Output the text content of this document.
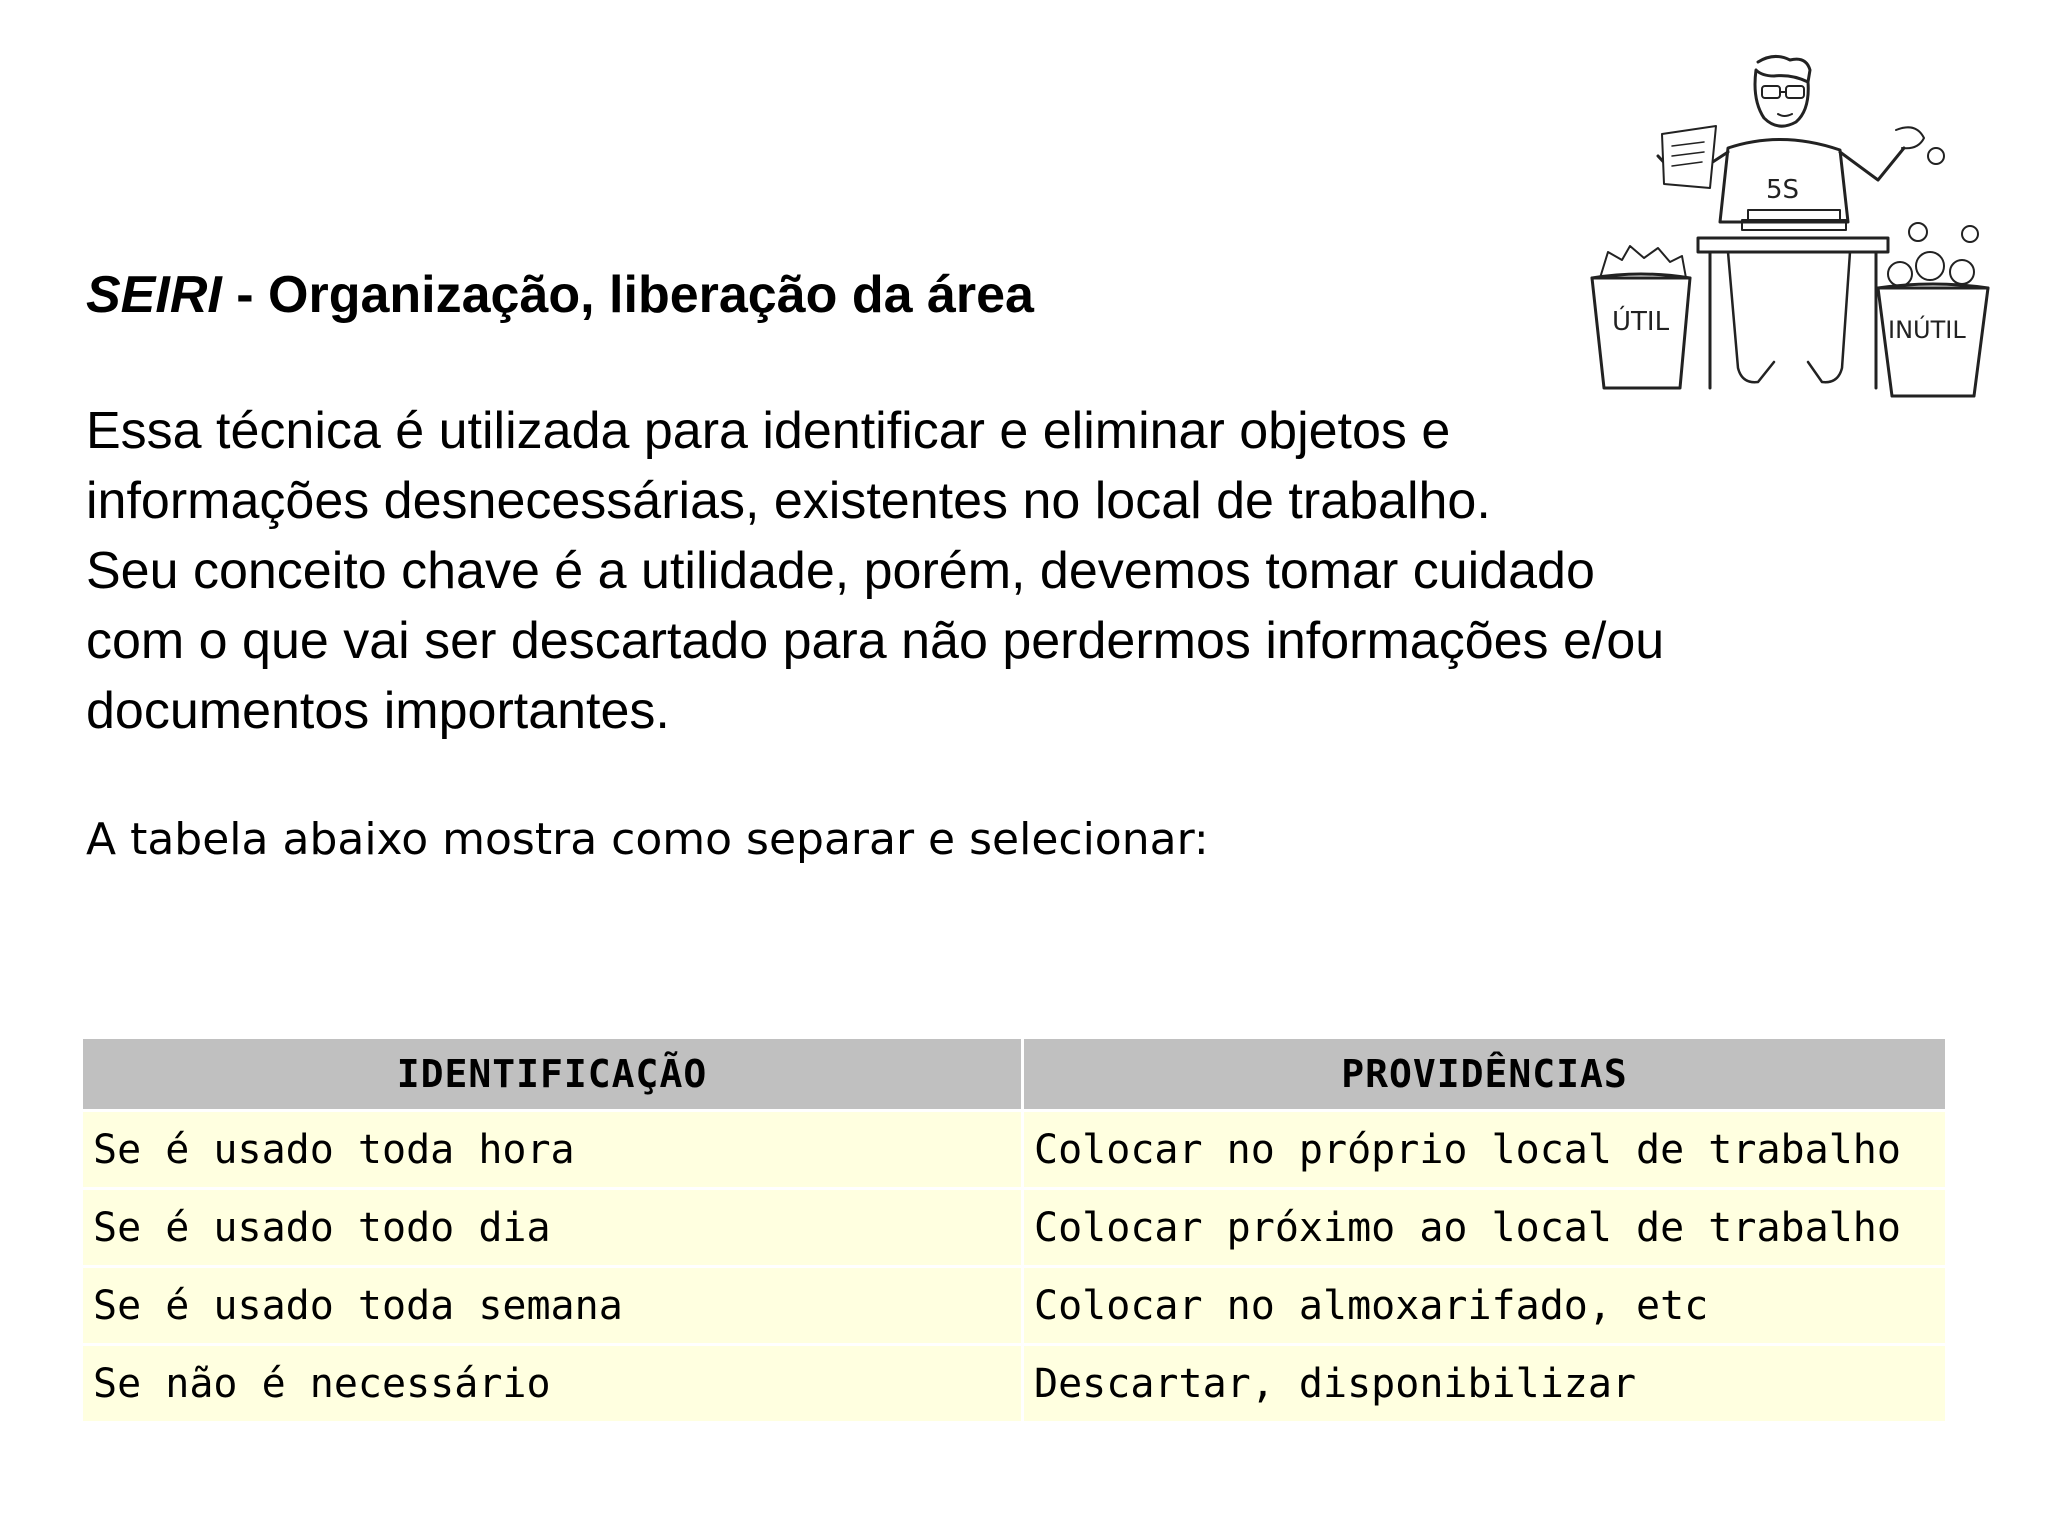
SEIRI - Organização, liberação da área
Essa técnica é utilizada para identificar e eliminar objetos e
informações desnecessárias, existentes no local de trabalho.
Seu conceito chave é a utilidade, porém, devemos tomar cuidado
com o que vai ser descartado para não perdermos informações e/ou
documentos importantes.
A tabela abaixo mostra como separar e selecionar:
IDENTIFICAÇÃO	PROVIDÊNCIAS
Se é usado toda hora	Colocar no próprio local de trabalho
Se é usado todo dia	Colocar próximo ao local de trabalho
Se é usado toda semana	Colocar no almoxarifado, etc
Se não é necessário	Descartar, disponibilizar
ÚTIL	INÚTIL
5S
